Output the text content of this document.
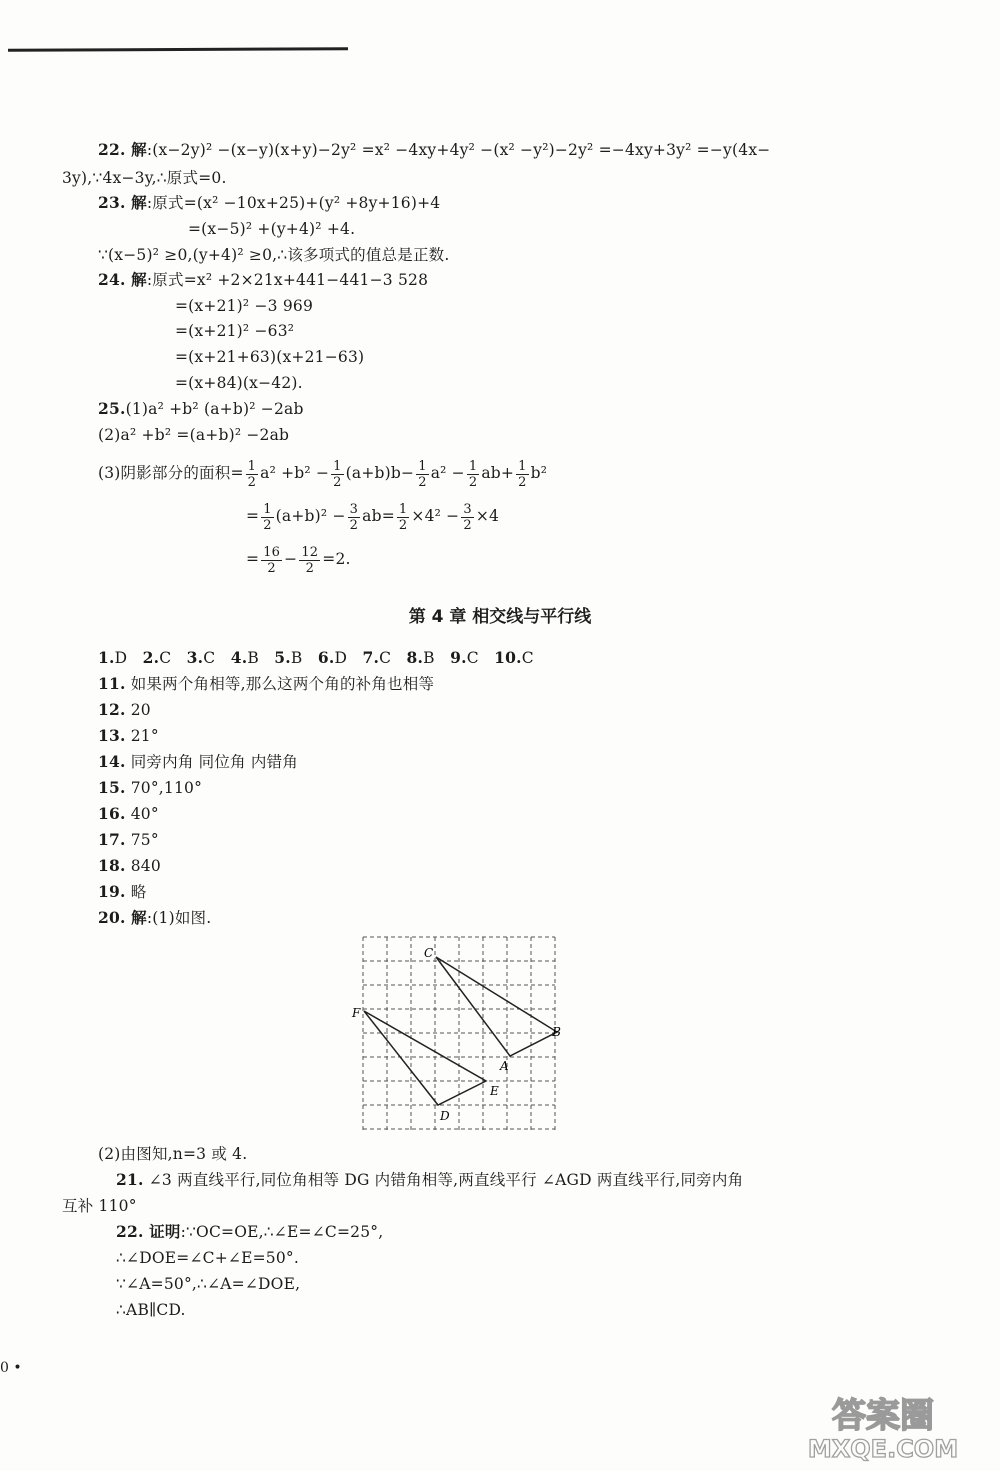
22. 解:(x−2y)² −(x−y)(x+y)−2y² =x² −4xy+4y² −(x² −y²)−2y² =−4xy+3y² =−y(4x−
3y),∵4x−3y,∴原式=0.
23. 解:原式=(x² −10x+25)+(y² +8y+16)+4
=(x−5)² +(y+4)² +4.
∵(x−5)² ≥0,(y+4)² ≥0,∴该多项式的值总是正数.
24. 解:原式=x² +2×21x+441−441−3 528
=(x+21)² −3 969
=(x+21)² −63²
=(x+21+63)(x+21−63)
=(x+84)(x−42).
25.(1)a² +b² (a+b)² −2ab
(2)a² +b² =(a+b)² −2ab
(3)阴影部分的面积= $\frac{1}{2} a^2 +b^2 - \frac{1}{2} (a+b)b- \frac{1}{2} a^2 - \frac{1}{2} ab+ \frac{1}{2} b^2$
= $\frac{1}{2} (a+b)^2 - \frac{3}{2} ab= \frac{1}{2} \times 4^2 - \frac{3}{2} \times 4$
= $\frac{16}{2} - \frac{12}{2} =2$.
第 4 章 相交线与平行线
1.D 2.C 3.C 4.B 5.B 6.D 7.C 8.B 9.C 10.C
11. 如果两个角相等,那么这两个角的补角也相等
12. 20
13. 21°
14. 同旁内角 同位角 内错角
15. 70°,110°
16. 40°
17. 75°
18. 840
19. 略
20. 解:(1)如图.
C
B
F
A
E
D
(2)由图知,n=3 或 4.
21. ∠3 两直线平行,同位角相等 DG 内错角相等,两直线平行 ∠AGD 两直线平行,同旁内角
互补 110°
22. 证明:∵OC=OE,∴∠E=∠C=25°,
∴∠DOE=∠C+∠E=50°.
∵∠A=50°,∴∠A=∠DOE,
∴AB∥CD.
0 •
答案圈
MXQE.COM
